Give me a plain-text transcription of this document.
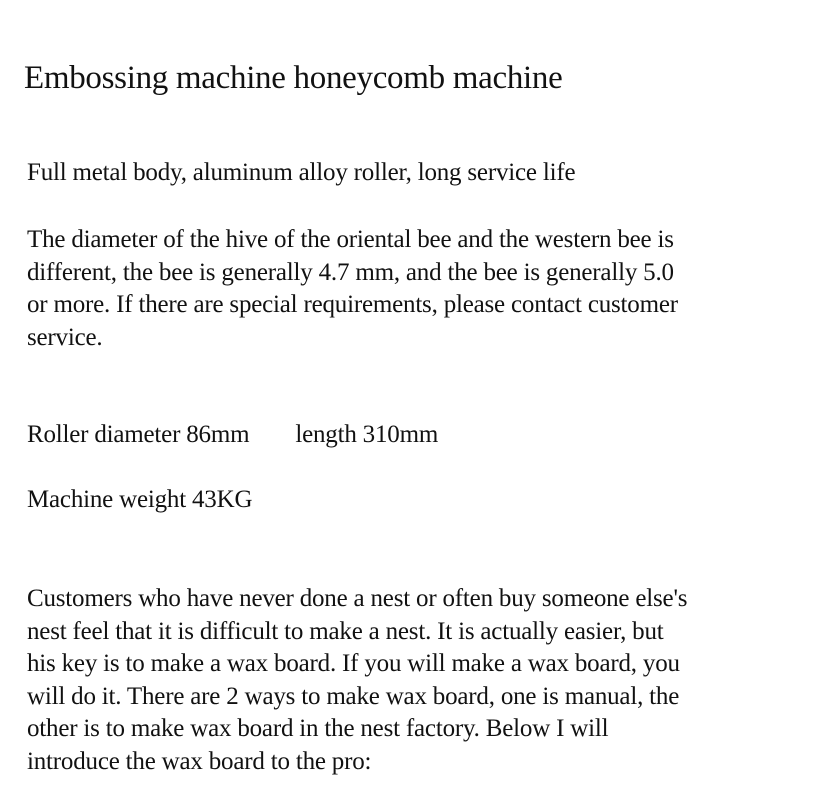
Embossing machine honeycomb machine

Full metal body, aluminum alloy roller, long service life

The diameter of the hive of the oriental bee and the western bee is
different, the bee is generally 4.7 mm, and the bee is generally 5.0
or more. If there are special requirements, please contact customer
service.

Roller diameter 86mm length 310mm

Machine weight 43KG

Customers who have never done a nest or often buy someone else's
nest feel that it is difficult to make a nest. It is actually easier, but
his key is to make a wax board. If you will make a wax board, you
will do it. There are 2 ways to make wax board, one is manual, the
other is to make wax board in the nest factory. Below I will
introduce the wax board to the pro:
